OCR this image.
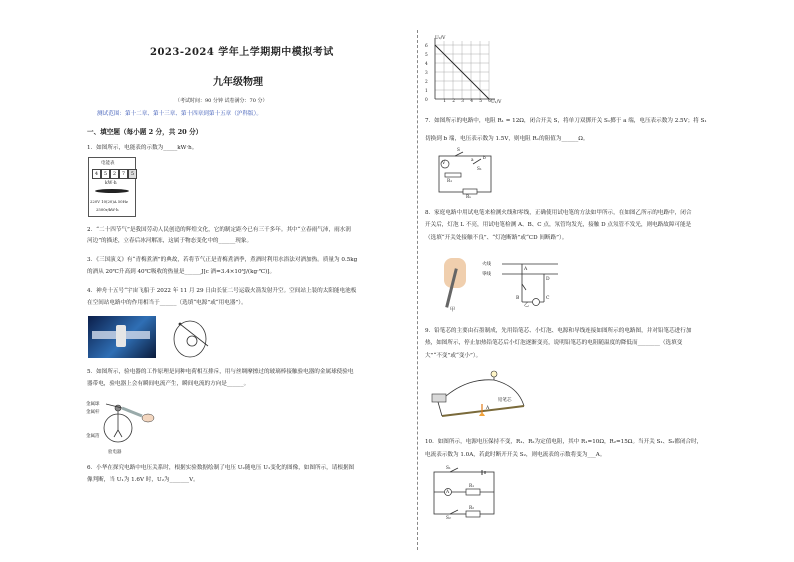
2023-2024 学年上学期期中模拟考试
九年级物理
（考试时间：90 分钟 试卷满分：70 分）
测试范围：第十二章、第十三章、第十四章到第十五章（沪科版）。
一、填空题（每小题 2 分，共 20 分）
1．如图所示，电能表的示数为_____kW·h。
电能表
4	5	2	7	5
kW·h
220V 10(20)A 50Hz
2500r/kW·h
2．“二十四节气”是我国劳动人民创造的辉煌文化，它的制定距今已有三千多年。其中“立春雨气沛，雨水润
河边”的描述，立春后冰河解冻，这属于物态变化中的______现象。
3．《三国演义》有“青梅煮酒”的典故，若将节气正是青梅煮酒季，煮酒时利用水浴法对酒加热。质量为 0.5kg
的酒从 20℃升高到 40℃吸收的热量是______J[c 酒=3.4×10³J/(kg·℃)]。
4．神舟十五号“宇宙飞船于 2022 年 11 月 29 日由长征二号运载火箭发射升空。空间站上装的太阳能电池板
在空间站电路中的作用相当于______（选填“电源”或“用电器”）。
5．如图所示，验电器的工作原理是同种电荷相互排斥，用与丝绸摩擦过的玻璃棒接触验电器的金属球使验电
器带电，验电器上会有瞬间电流产生，瞬间电流的方向是______。
金属球
金属杆
金属箔
验电器
6．小华在探究电路中电压关系时，根据实验数据绘制了电压 U₂随电压 U₁变化的图像，如图所示，请根据图
像判断，当 U₁为 1.6V 时，U₂为_______V。
U₂/V
U₁/V
6
5
4
3
2
1
0	1	2	3	4	5	6
7．如图所示的电路中，电阻 R₁ = 12Ω，闭合开关 S，将单刀双掷开关 S₁掷于 a 端，电压表示数为 2.5V；将 S₁
切换到 b 端，电压表示数为 1.5V，则电阻 Rₓ的阻值为______Ω。
V
R₁
Rₓ
S
S₁
a b
8．家庭电路中用试电笔来检测火线和零线，正确使用试电笔的方法如甲所示，在如图乙所示的电路中，闭合
开关后，灯泡 L 不亮，用试电笔检测 A、B、C 点，氖管均发光，接触 D 点氖管不发光，则电路故障可能是
（选填“开关处接触不良”、“灯泡断路”或“CD 间断路”）。
甲
火线
零线
A
B	C
D
乙
9．铅笔芯的主要由石墨制成，先用铅笔芯、小灯泡、电源和导线连接如图所示的电路图，并对铅笔芯进行加
热，如图所示，停止加热铅笔芯后小灯泡逐渐变亮，说明铅笔芯的电阻随温度的降低而________（选填变
大”“不变”或“变小”）。
铅笔芯
A
10．如图所示，电源电压保持不变，R₁、R₂为定值电阻，其中 R₁=10Ω，R₂=15Ω。当开关 S₁、S₂都闭合时，
电流表示数为 1.0A，若此时断开开关 S₂，则电流表的示数将变为___A。
S₁
A
R₁
R₂
S₂
